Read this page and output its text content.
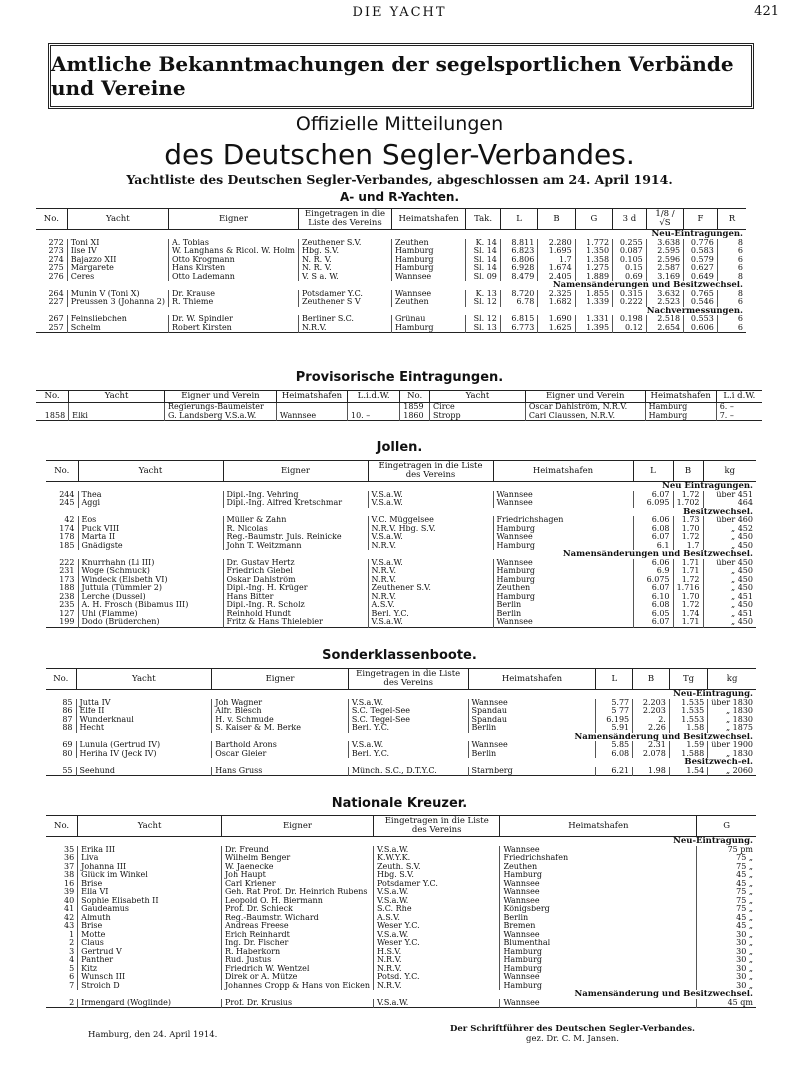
DIE YACHT	421
Amtliche Bekanntmachungen der segelsportlichen Verbände und Vereine
Offizielle Mitteilungen
des Deutschen Segler-Verbandes.
Yachtliste des Deutschen Segler-Verbandes, abgeschlossen am 24. April 1914.
A- und R-Yachten.
No.	Yacht	Eigner	Eingetragen in die Liste des Vereins	Heimatshafen	Tak.	L	B	G	3 d	1/8 / √S	F	R
Neu-Eintragungen.												
272	Toni XI	A. Tobias	Zeuthener S.V.	Zeuthen	K. 14	8.811	2.280	1.772	0.255	3.638	0.776	8
273	Ilse IV	W. Langhans & Ricol. W. Holm	Hbg. S.V.	Hamburg	Sl. 14	6.823	1.695	1.350	0.087	2.595	0.583	6
274	Bajazzo XII	Otto Krogmann	N. R. V.	Hamburg	Sl. 14	6.806	1.7	1.358	0.105	2.596	0.579	6
275	Margarete	Hans Kirsten	N. R. V.	Hamburg	Sl. 14	6.928	1.674	1.275	0.15	2.587	0.627	6
276	Ceres	Otto Lademann	V. S a. W.	Wannsee	Sl. 09	8.479	2.405	1.889	0.69	3.169	0.649	8
Namensänderungen und Besitzwechsel.												
264	Munin V (Toni X)	Dr. Krause	Potsdamer Y.C.	Wannsee	K. 13	8.720	2.325	1.855	0.315	3.632	0.765	8
227	Preussen 3 (Johanna 2)	R. Thieme	Zeuthener S V	Zeuthen	Sl. 12	6.78	1.682	1.339	0.222	2.523	0.546	6
Nachvermessungen.												
267	Feinsliebchen	Dr. W. Spindler	Berliner S.C.	Grünau	Sl. 12	6.815	1.690	1.331	0.198	2.518	0.553	6
257	Schelm	Robert Kirsten	N.R.V.	Hamburg	Sl. 13	6.773	1.625	1.395	0.12	2.654	0.606	6

Provisorische Eintragungen.
No.	Yacht	Eigner und Verein	Heimatshafen	L.i.d.W.	No.	Yacht	Eigner und Verein	Heimatshafen	L.i d.W.
		Regierungs-Baumeister			1859	Circe	Oscar Dahlström, N.R.V.	Hamburg	6. –
1858	Elki	G. Landsberg V.S.a.W.	Wannsee	10. –	1860	Stropp	Carl Claussen, N.R.V.	Hamburg	7. –

Jollen.
No.	Yacht	Eigner	Eingetragen in die Liste des Vereins	Heimatshafen	L	B	kg
Neu Eintragungen.							
244	Thea	Dipl.-Ing. Vehring	V.S.a.W.	Wannsee	6.07	1.72	über 451
245	Aggi	Dipl.-Ing. Alfred Kretschmar	V.S.a.W.	Wannsee	6.095	1.702	464
Besitzwechsel.							
42	Eos	Müller & Zahn	V.C. Müggelsee	Friedrichshagen	6.06	1.73	über 460
174	Puck VIII	R. Nicolas	N.R.V. Hbg. S.V.	Hamburg	6.08	1.70	„ 452
178	Marta II	Reg.-Baumstr. Juls. Reinicke	V.S.a.W.	Wannsee	6.07	1.72	„ 450
185	Gnädigste	John T. Weitzmann	N.R.V.	Hamburg	6.1	1.7	„ 450
Namensänderungen und Besitzwechsel.							
222	Knurrhahn (Li III)	Dr. Gustav Hertz	V.S.a.W.	Wannsee	6.06	1.71	über 450
231	Woge (Schmuck)	Friedrich Giebel	N.R.V.	Hamburg	6.9	1.71	„ 450
173	Windeck (Elsbeth VI)	Oskar Dahlström	N.R.V.	Hamburg	6.075	1.72	„ 450
188	Juttula (Tümmler 2)	Dipl.-Ing. H. Krüger	Zeuthener S.V.	Zeuthen	6.07	1.716	„ 450
238	Lerche (Dussel)	Hans Bitter	N.R.V.	Hamburg	6.10	1.70	„ 451
235	A. H. Frosch (Bibamus III)	Dipl.-Ing. R. Scholz	A.S.V.	Berlin	6.08	1.72	„ 450
127	Uhl (Flamme)	Reinhold Hundt	Berl. Y.C.	Berlin	6.05	1.74	„ 451
199	Dodo (Brüderchen)	Fritz & Hans Thielebier	V.S.a.W.	Wannsee	6.07	1.71	„ 450

Sonderklassenboote.
No.	Yacht	Eigner	Eingetragen in die Liste des Vereins	Heimatshafen	L	B	Tg	kg
Neu-Eintragung.								
85	Jutta IV	Joh Wagner	V.S.a.W.	Wannsee	5.77	2.203	1.535	über 1830
86	Elfe II	Alfr. Blesch	S.C. Tegel-See	Spandau	5 77	2.203	1.535	„ 1830
87	Wunderknaul	H. v. Schmude	S.C. Tegel-See	Spandau	6.195	2.	1.553	„ 1830
88	Hecht	S. Kaiser & M. Berke	Berl. Y.C.	Berlin	5.91	2.26	1.58	„ 1875
Namensänderung und Besitzwechsel.								
69	Lunula (Gertrud IV)	Barthold Arons	V.S.a.W.	Wannsee	5.85	2.31	1.59	über 1900
80	Heriha IV (Jeck IV)	Oscar Gleier	Berl. Y.C.	Berlin	6.08	2.078	1.588	„ 1830
Besitzwech-el.								
55	Seehund	Hans Gruss	Münch. S.C., D.T.Y.C.	Starnberg	6.21	1.98	1.54	„ 2060

Nationale Kreuzer.
No.	Yacht	Eigner	Eingetragen in die Liste des Vereins	Heimatshafen	G
Neu-Eintragung.					
35	Erika III	Dr. Freund	V.S.a.W.	Wannsee	75 pm
36	Liva	Wilhelm Benger	K.W.Y.K.	Friedrichshafen	75 „
37	Johanna III	W. Jaenecke	Zeuth. S.V.	Zeuthen	75 „
38	Glück im Winkel	Joh Haupt	Hbg. S.V.	Hamburg	45 „
16	Brise	Carl Kriener	Potsdamer Y.C.	Wannsee	45 „
39	Ella VI	Geh. Rat Prof. Dr. Heinrich Rubens	V.S.a.W.	Wannsee	75 „
40	Sophie Elisabeth II	Leopold O. H. Biermann	V.S.a.W.	Wannsee	75 „
41	Gaudeamus	Prof. Dr. Schieck	S.C. Rhe	Königsberg	75 „
42	Almuth	Reg.-Baumstr. Wichard	A.S.V.	Berlin	45 „
43	Brise	Andreas Freese	Weser Y.C.	Bremen	45 „
1	Motte	Erich Reinhardt	V.S.a.W.	Wannsee	30 „
2	Claus	Ing. Dr. Fischer	Weser Y.C.	Blumenthal	30 „
3	Gertrud V	R. Haberkorn	H.S.V.	Hamburg	30 „
4	Panther	Rud. Justus	N.R.V.	Hamburg	30 „
5	Kitz	Friedrich W. Wentzel	N.R.V.	Hamburg	30 „
6	Wunsch III	Direk or A. Mützе	Potsd. Y.C.	Wannsee	30 „
7	Stroich D	Johannes Cropp & Hans von Eicken	N.R.V.	Hamburg	30 „
Namensänderung und Besitzwechsel.					
2	Irmengard (Woglinde)	Prof. Dr. Krusius	V.S.a.W.	Wannsee	45 qm

Hamburg, den 24. April 1914.
Der Schriftführer des Deutschen Segler-Verbandes.
gez. Dr. C. M. Jansen.
